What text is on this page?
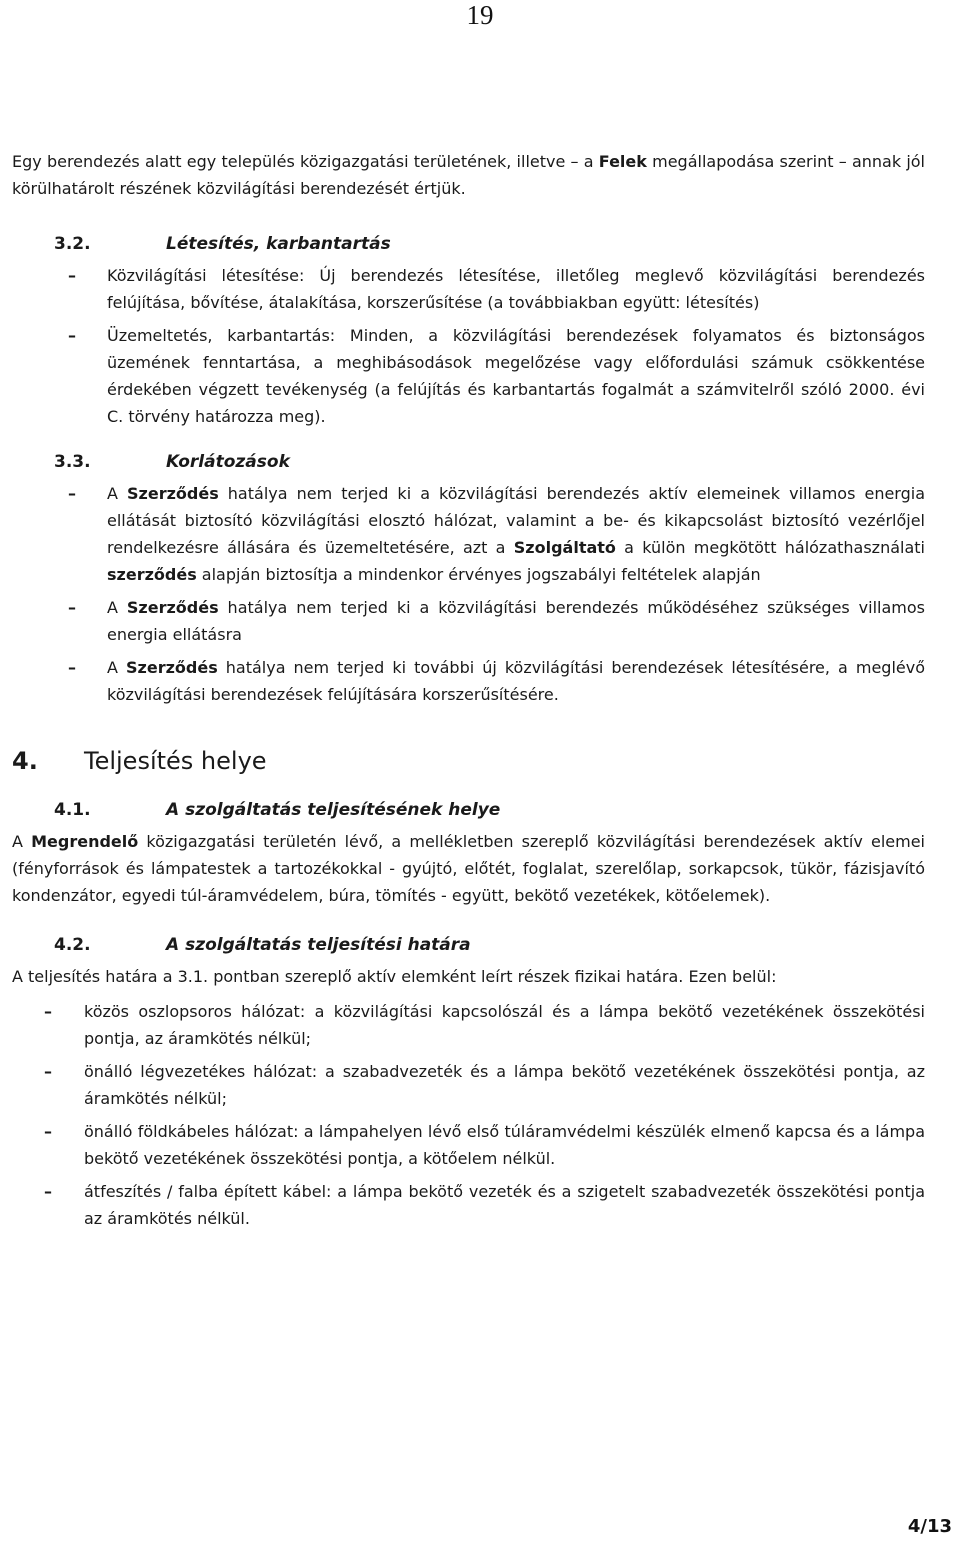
19

Egy berendezés alatt egy település közigazgatási területének, illetve – a Felek megállapodása szerint – annak jól körülhatárolt részének közvilágítási berendezését értjük.

3.2.	Létesítés, karbantartás

– Közvilágítási létesítése: Új berendezés létesítése, illetőleg meglevő közvilágítási berendezés felújítása, bővítése, átalakítása, korszerűsítése (a továbbiakban együtt: létesítés)

– Üzemeltetés, karbantartás: Minden, a közvilágítási berendezések folyamatos és biztonságos üzemének fenntartása, a meghibásodások megelőzése vagy előfordulási számuk csökkentése érdekében végzett tevékenység (a felújítás és karbantartás fogalmát a számvitelről szóló 2000. évi C. törvény határozza meg).

3.3.	Korlátozások

– A Szerződés hatálya nem terjed ki a közvilágítási berendezés aktív elemeinek villamos energia ellátását biztosító közvilágítási elosztó hálózat, valamint a be- és kikapcsolást biztosító vezérlőjel rendelkezésre állására és üzemeltetésére, azt a Szolgáltató a külön megkötött hálózathasználati szerződés alapján biztosítja a mindenkor érvényes jogszabályi feltételek alapján

– A Szerződés hatálya nem terjed ki a közvilágítási berendezés működéséhez szükséges villamos energia ellátásra

– A Szerződés hatálya nem terjed ki további új közvilágítási berendezések létesítésére, a meglévő közvilágítási berendezések felújítására korszerűsítésére.

4.	Teljesítés helye
4.1.	A szolgáltatás teljesítésének helye

A Megrendelő közigazgatási területén lévő, a mellékletben szereplő közvilágítási berendezések aktív elemei (fényforrások és lámpatestek a tartozékokkal - gyújtó, előtét, foglalat, szerelőlap, sorkapcsok, tükör, fázisjavító kondenzátor, egyedi túl-áramvédelem, búra, tömítés - együtt, bekötő vezetékek, kötőelemek).

4.2.	A szolgáltatás teljesítési határa

A teljesítés határa a 3.1. pontban szereplő aktív elemként leírt részek fizikai határa. Ezen belül:

– közös oszlopsoros hálózat: a közvilágítási kapcsolószál és a lámpa bekötő vezetékének összekötési pontja, az áramkötés nélkül;

– önálló légvezetékes hálózat: a szabadvezeték és a lámpa bekötő vezetékének összekötési pontja, az áramkötés nélkül;

– önálló földkábeles hálózat: a lámpahelyen lévő első túláramvédelmi készülék elmenő kapcsa és a lámpa bekötő vezetékének összekötési pontja, a kötőelem nélkül.

– átfeszítés / falba épített kábel: a lámpa bekötő vezeték és a szigetelt szabadvezeték összekötési pontja az áramkötés nélkül.

4/13
